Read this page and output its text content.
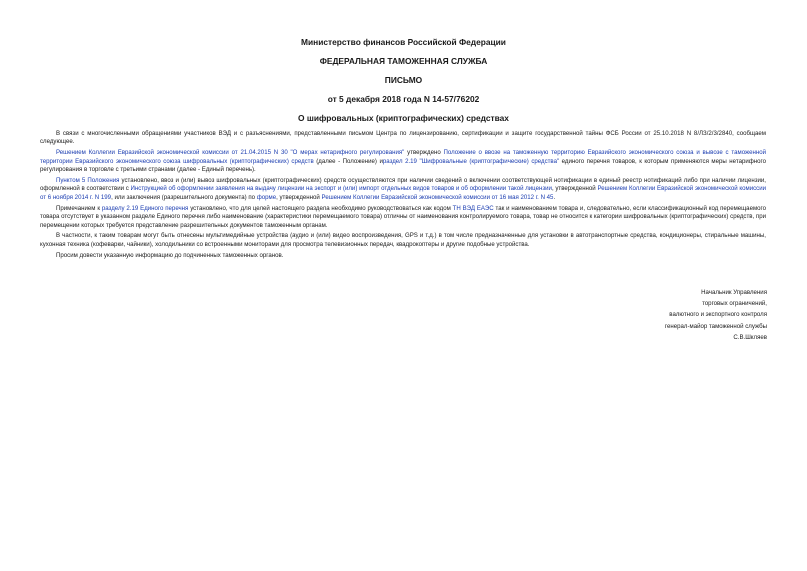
Министерство финансов Российской Федерации
ФЕДЕРАЛЬНАЯ ТАМОЖЕННАЯ СЛУЖБА
ПИСЬМО
от 5 декабря 2018 года N 14-57/76202
О шифровальных (криптографических) средствах

В связи с многочисленными обращениями участников ВЭД и с разъяснениями, представленными письмом Центра по лицензированию, сертификации и защите государственной тайны ФСБ России от 25.10.2018 N 8/ЛЗ/2/3/2840, сообщаем следующее.

Решением Коллегии Евразийской экономической комиссии от 21.04.2015 N 30 "О мерах нетарифного регулирования" утверждено Положение о ввозе на таможенную территорию Евразийского экономического союза и вывозе с таможенной территории Евразийского экономического союза шифровальных (криптографических) средств (далее - Положение) ираздел 2.19 "Шифровальные (криптографические) средства" единого перечня товаров, к которым применяются меры нетарифного регулирования в торговле с третьими странами (далее - Единый перечень).

Пунктом 5 Положения установлено, ввоз и (или) вывоз шифровальных (криптографических) средств осуществляются при наличии сведений о включении соответствующей нотификации в единый реестр нотификаций либо при наличии лицензии, оформленной в соответствии с Инструкцией об оформлении заявления на выдачу лицензии на экспорт и (или) импорт отдельных видов товаров и об оформлении такой лицензии, утвержденной Решением Коллегии Евразийской экономической комиссии от 6 ноября 2014 г. N 199, или заключения (разрешительного документа) по форме, утвержденной Решением Коллегии Евразийской экономической комиссии от 16 мая 2012 г. N 45.

Примечанием к разделу 2.19 Единого перечня установлено, что для целей настоящего раздела необходимо руководствоваться как кодом ТН ВЭД ЕАЭС так и наименованием товара и, следовательно, если классификационный код перемещаемого товара отсутствует в указанном разделе Единого перечня либо наименование (характеристики перемещаемого товара) отличны от наименования контролируемого товара, товар не относится к категории шифровальных (криптографических) средств, при перемещении которых требуется представление разрешительных документов таможенным органам.

В частности, к таким товарам могут быть отнесены мультимедийные устройства (аудио и (или) видео воспроизведения, GPS и т.д.) в том числе предназначенные для установки в автотранспортные средства, кондиционеры, стиральные машины, кухонная техника (кофеварки, чайники), холодильники со встроенными мониторами для просмотра телевизионных передач, квадрокоптеры и другие подобные устройства.

Просим довести указанную информацию до подчиненных таможенных органов.

Начальник Управления
торговых ограничений,
валютного и экспортного контроля
генерал-майор таможенной службы
С.В.Шкляев
